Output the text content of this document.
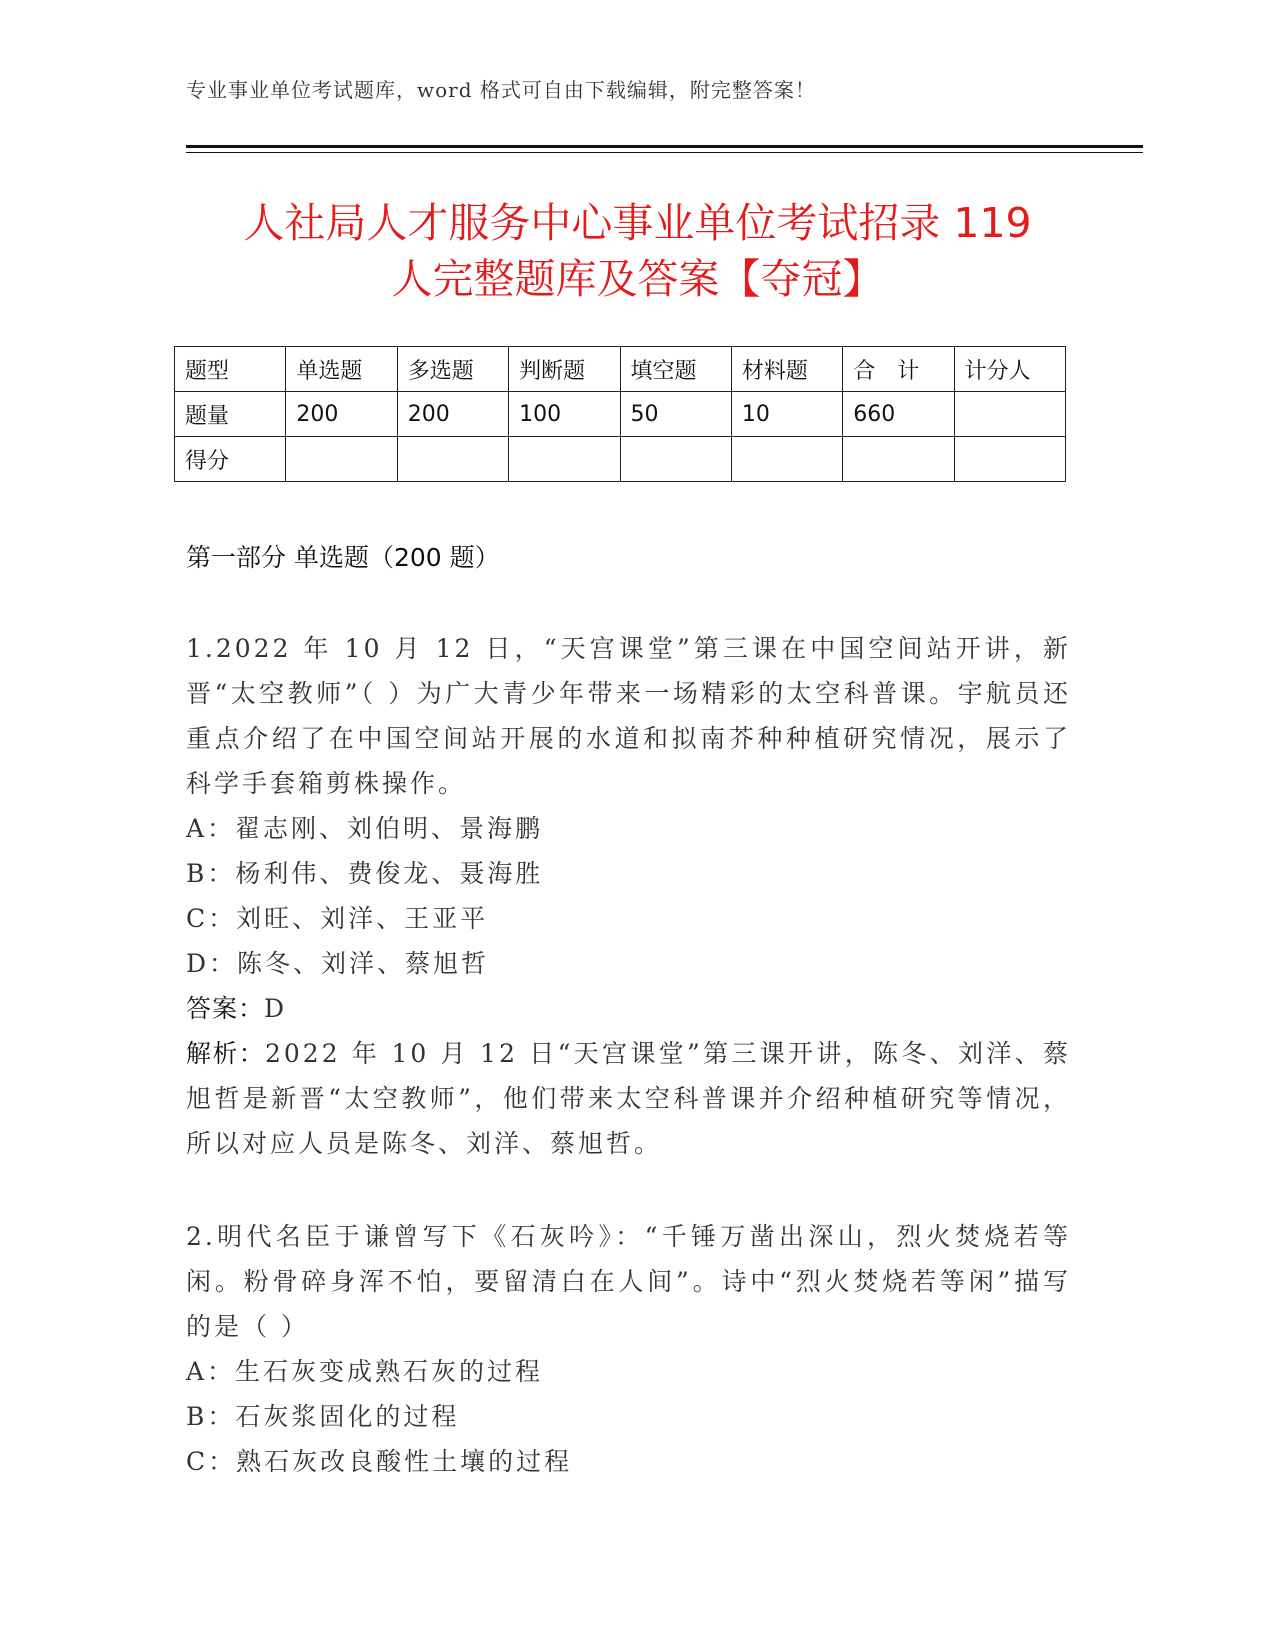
专业事业单位考试题库，word 格式可自由下载编辑，附完整答案！
人社局人才服务中心事业单位考试招录 119
人完整题库及答案【夺冠】
题型	单选题	多选题	判断题	填空题	材料题	合　计	计分人
题量	200	200	100	50	10	660	
得分							
第一部分 单选题（200 题）

1.2022 年 10 月 12 日，“天宫课堂”第三课在中国空间站开讲，新晋“太空教师”（ ）为广大青少年带来一场精彩的太空科普课。宇航员还重点介绍了在中国空间站开展的水道和拟南芥种种植研究情况，展示了科学手套箱剪株操作。

A：翟志刚、刘伯明、景海鹏

B：杨利伟、费俊龙、聂海胜

C：刘旺、刘洋、王亚平

D：陈冬、刘洋、蔡旭哲

答案：D

解析：2022 年 10 月 12 日“天宫课堂”第三课开讲，陈冬、刘洋、蔡旭哲是新晋“太空教师”，他们带来太空科普课并介绍种植研究等情况，所以对应人员是陈冬、刘洋、蔡旭哲。

2.明代名臣于谦曾写下《石灰吟》：“千锤万凿出深山，烈火焚烧若等闲。粉骨碎身浑不怕，要留清白在人间”。诗中“烈火焚烧若等闲”描写的是（ ）

A：生石灰变成熟石灰的过程

B：石灰浆固化的过程

C：熟石灰改良酸性土壤的过程
